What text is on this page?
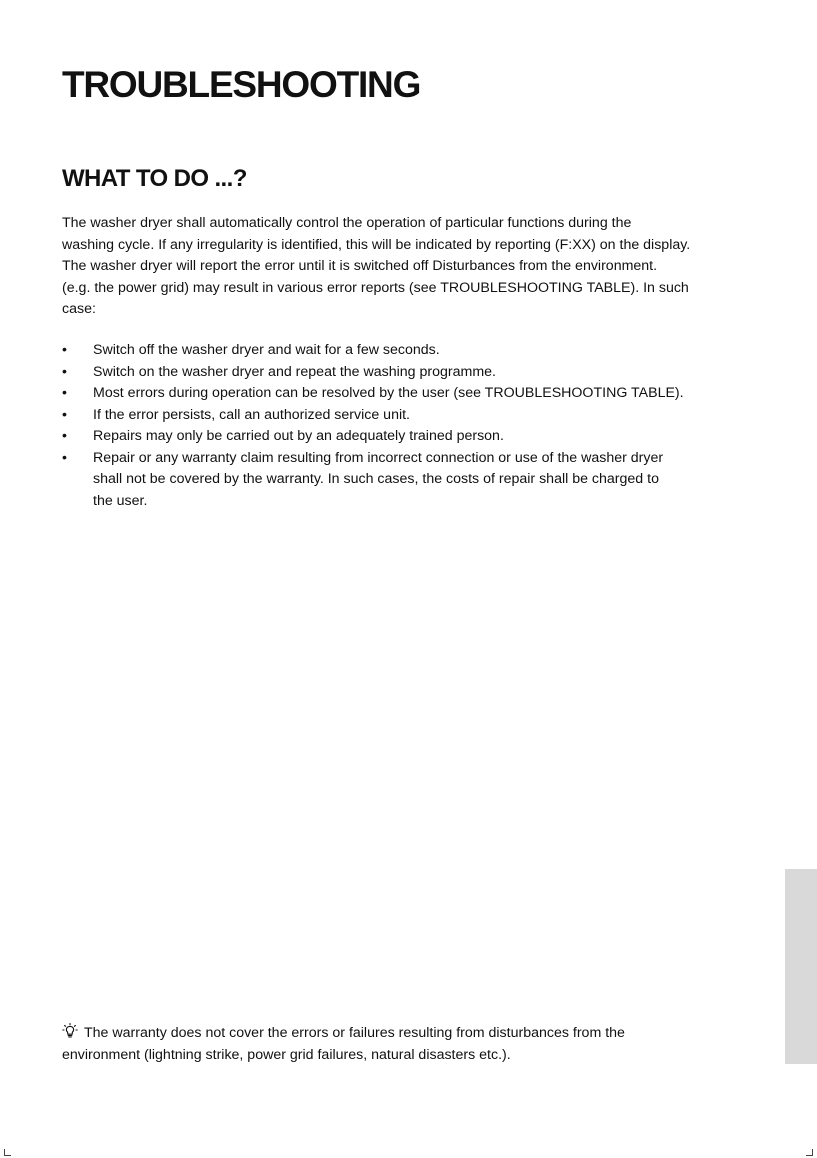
TROUBLESHOOTING
WHAT TO DO ...?

The washer dryer shall automatically control the operation of particular functions during the
washing cycle. If any irregularity is identified, this will be indicated by reporting (F:XX) on the display.
The washer dryer will report the error until it is switched off Disturbances from the environment.
(e.g. the power grid) may result in various error reports (see TROUBLESHOOTING TABLE). In such
case:

•	Switch off the washer dryer and wait for a few seconds.
•	Switch on the washer dryer and repeat the washing programme.
•	Most errors during operation can be resolved by the user (see TROUBLESHOOTING TABLE).
•	If the error persists, call an authorized service unit.
•	Repairs may only be carried out by an adequately trained person.
•	Repair or any warranty claim resulting from incorrect connection or use of the washer dryer
shall not be covered by the warranty. In such cases, the costs of repair shall be charged to
the user.

The warranty does not cover the errors or failures resulting from disturbances from the
environment (lightning strike, power grid failures, natural disasters etc.).
